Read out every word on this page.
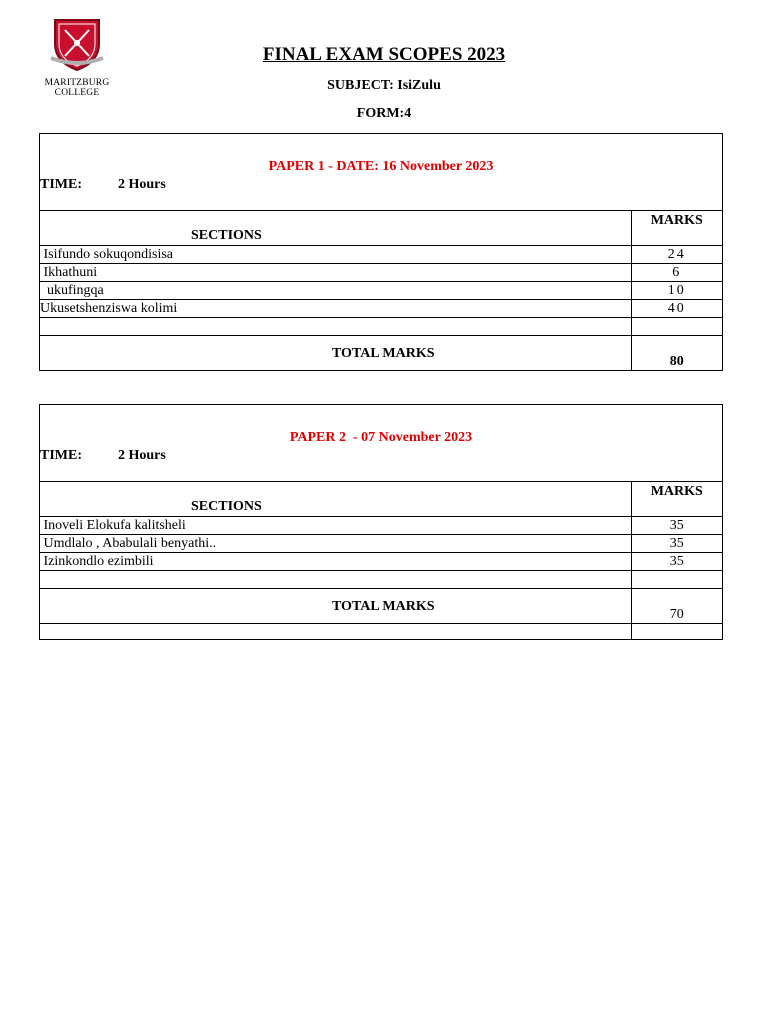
MARITZBURG
COLLEGE
FINAL EXAM SCOPES 2023
SUBJECT: IsiZulu
FORM:4
PAPER 1 - DATE: 16 November 2023
TIME:	2 Hours
SECTIONS	MARKS

Isifundo sokuqondisisa	24
Ikhathuni	6
ukufingqa	10
Ukusetshenziswa kolimi	40

TOTAL MARKS	80
PAPER 2  - 07 November 2023
TIME:	2 Hours
SECTIONS	MARKS

Inoveli Elokufa kalitsheli	35
Umdlalo , Ababulali benyathi..	35
Izinkondlo ezimbili	35

TOTAL MARKS	70
